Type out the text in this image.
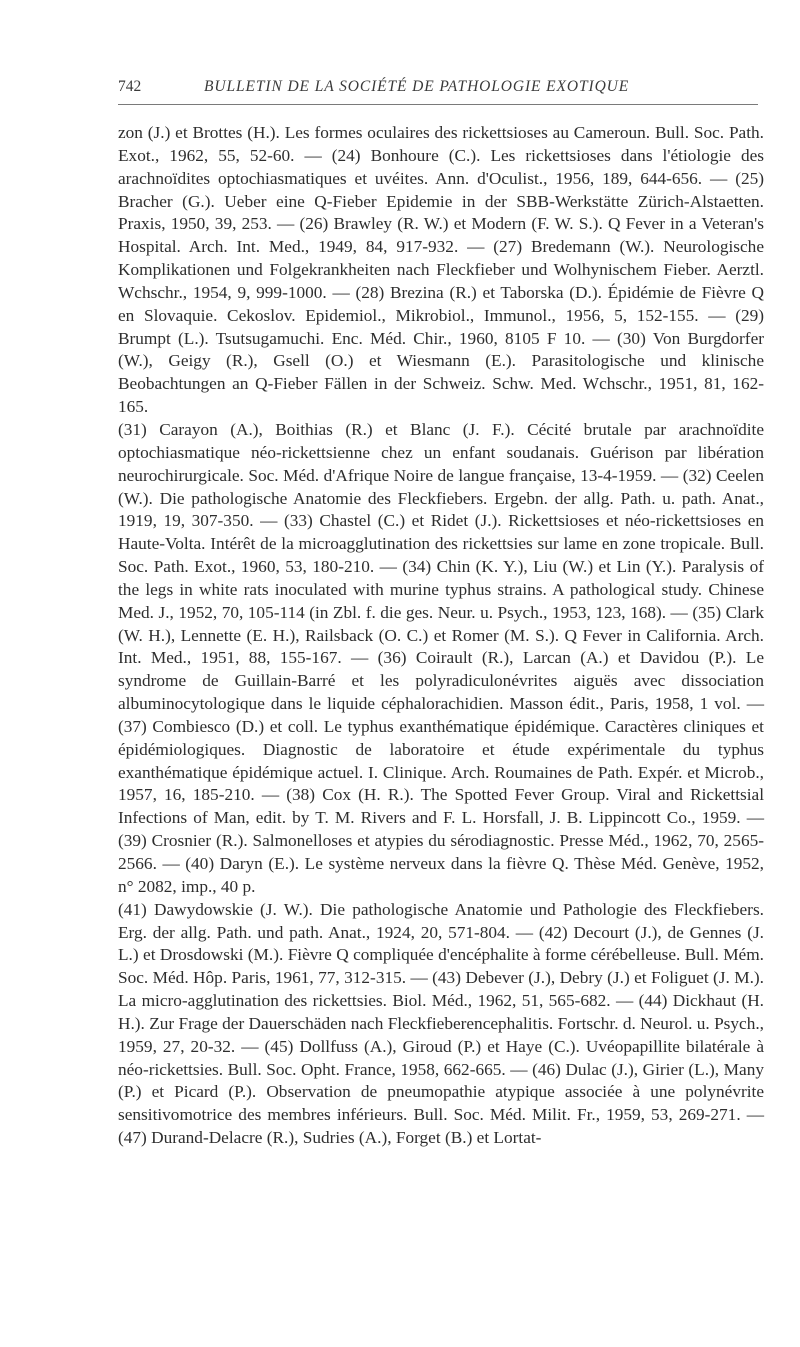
742	BULLETIN DE LA SOCIÉTÉ DE PATHOLOGIE EXOTIQUE

zon (J.) et Brottes (H.). Les formes oculaires des rickettsioses au Cameroun. Bull. Soc. Path. Exot., 1962, 55, 52-60. — (24) Bonhoure (C.). Les rickettsioses dans l'étiologie des arachnoïdites optochiasmatiques et uvéites. Ann. d'Oculist., 1956, 189, 644-656. — (25) Bracher (G.). Ueber eine Q-Fieber Epidemie in der SBB-Werkstätte Zürich-Alstaetten. Praxis, 1950, 39, 253. — (26) Brawley (R. W.) et Modern (F. W. S.). Q Fever in a Veteran's Hospital. Arch. Int. Med., 1949, 84, 917-932. — (27) Bredemann (W.). Neurologische Komplikationen und Folgekrankheiten nach Fleckfieber und Wolhynischem Fieber. Aerztl. Wchschr., 1954, 9, 999-1000. — (28) Brezina (R.) et Taborska (D.). Épidémie de Fièvre Q en Slovaquie. Cekoslov. Epidemiol., Mikrobiol., Immunol., 1956, 5, 152-155. — (29) Brumpt (L.). Tsutsugamuchi. Enc. Méd. Chir., 1960, 8105 F 10. — (30) Von Burgdorfer (W.), Geigy (R.), Gsell (O.) et Wiesmann (E.). Parasitologische und klinische Beobachtungen an Q-Fieber Fällen in der Schweiz. Schw. Med. Wchschr., 1951, 81, 162-165.

(31) Carayon (A.), Boithias (R.) et Blanc (J. F.). Cécité brutale par arachnoïdite optochiasmatique néo-rickettsienne chez un enfant soudanais. Guérison par libération neurochirurgicale. Soc. Méd. d'Afrique Noire de langue française, 13-4-1959. — (32) Ceelen (W.). Die pathologische Anatomie des Fleckfiebers. Ergebn. der allg. Path. u. path. Anat., 1919, 19, 307-350. — (33) Chastel (C.) et Ridet (J.). Rickettsioses et néo-rickettsioses en Haute-Volta. Intérêt de la microagglutination des rickettsies sur lame en zone tropicale. Bull. Soc. Path. Exot., 1960, 53, 180-210. — (34) Chin (K. Y.), Liu (W.) et Lin (Y.). Paralysis of the legs in white rats inoculated with murine typhus strains. A pathological study. Chinese Med. J., 1952, 70, 105-114 (in Zbl. f. die ges. Neur. u. Psych., 1953, 123, 168). — (35) Clark (W. H.), Lennette (E. H.), Railsback (O. C.) et Romer (M. S.). Q Fever in California. Arch. Int. Med., 1951, 88, 155-167. — (36) Coirault (R.), Larcan (A.) et Davidou (P.). Le syndrome de Guillain-Barré et les polyradiculonévrites aiguës avec dissociation albuminocytologique dans le liquide céphalorachidien. Masson édit., Paris, 1958, 1 vol. — (37) Combiesco (D.) et coll. Le typhus exanthématique épidémique. Caractères cliniques et épidémiologiques. Diagnostic de laboratoire et étude expérimentale du typhus exanthématique épidémique actuel. I. Clinique. Arch. Roumaines de Path. Expér. et Microb., 1957, 16, 185-210. — (38) Cox (H. R.). The Spotted Fever Group. Viral and Rickettsial Infections of Man, edit. by T. M. Rivers and F. L. Horsfall, J. B. Lippincott Co., 1959. — (39) Crosnier (R.). Salmonelloses et atypies du sérodiagnostic. Presse Méd., 1962, 70, 2565-2566. — (40) Daryn (E.). Le système nerveux dans la fièvre Q. Thèse Méd. Genève, 1952, n° 2082, imp., 40 p.

(41) Dawydowskie (J. W.). Die pathologische Anatomie und Pathologie des Fleckfiebers. Erg. der allg. Path. und path. Anat., 1924, 20, 571-804. — (42) Decourt (J.), de Gennes (J. L.) et Drosdowski (M.). Fièvre Q compliquée d'encéphalite à forme cérébelleuse. Bull. Mém. Soc. Méd. Hôp. Paris, 1961, 77, 312-315. — (43) Debever (J.), Debry (J.) et Foliguet (J. M.). La micro-agglutination des rickettsies. Biol. Méd., 1962, 51, 565-682. — (44) Dickhaut (H. H.). Zur Frage der Dauerschäden nach Fleckfieberencephalitis. Fortschr. d. Neurol. u. Psych., 1959, 27, 20-32. — (45) Dollfuss (A.), Giroud (P.) et Haye (C.). Uvéopapillite bilatérale à néo-rickettsies. Bull. Soc. Opht. France, 1958, 662-665. — (46) Dulac (J.), Girier (L.), Many (P.) et Picard (P.). Observation de pneumopathie atypique associée à une polynévrite sensitivomotrice des membres inférieurs. Bull. Soc. Méd. Milit. Fr., 1959, 53, 269-271. — (47) Durand-Delacre (R.), Sudries (A.), Forget (B.) et Lortat-
